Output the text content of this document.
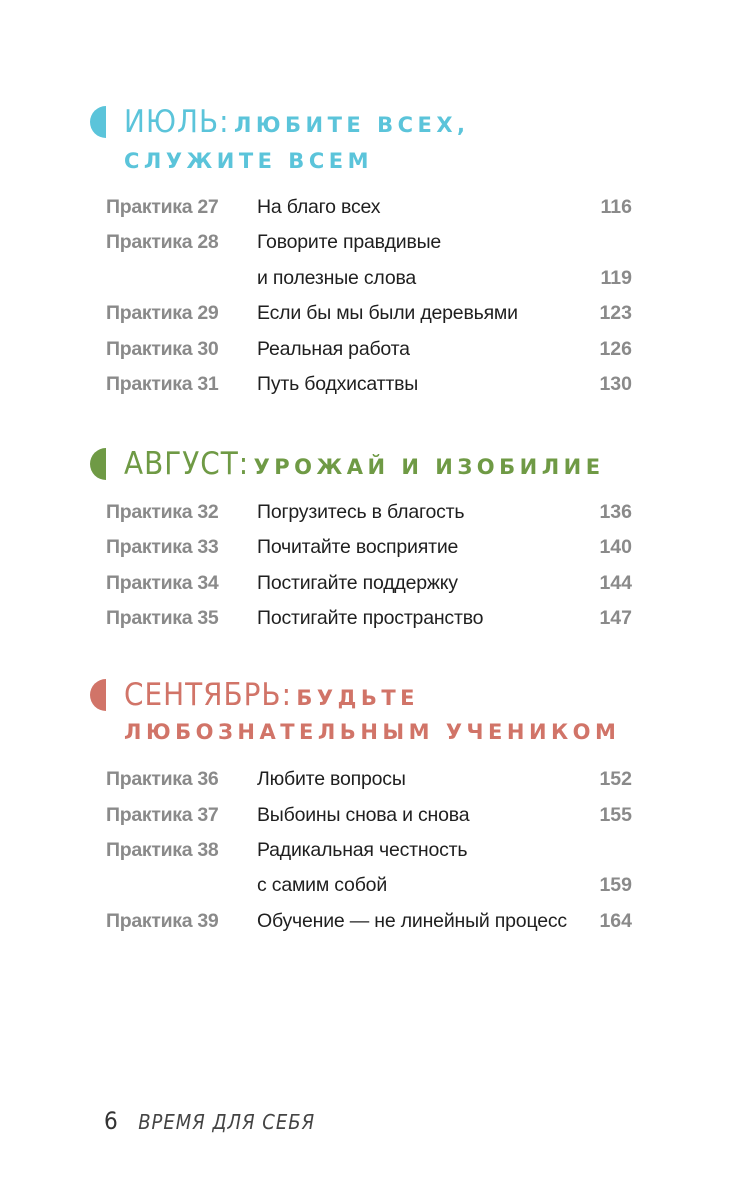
ИЮЛЬ: ЛЮБИТЕ ВСЕХ,
СЛУЖИТЕ ВСЕМ
Практика 27 На благо всех	116
Практика 28 Говорите правдивые
и полезные слова	119
Практика 29 Если бы мы были деревьями	123
Практика 30 Реальная работа	126
Практика 31 Путь бодхисаттвы	130
АВГУСТ: УРОЖАЙ И ИЗОБИЛИЕ
Практика 32 Погрузитесь в благость	136
Практика 33 Почитайте восприятие	140
Практика 34 Постигайте поддержку	144
Практика 35 Постигайте пространство	147
СЕНТЯБРЬ: БУДЬТЕ
ЛЮБОЗНАТЕЛЬНЫМ УЧЕНИКОМ
Практика 36 Любите вопросы	152
Практика 37 Выбоины снова и снова	155
Практика 38 Радикальная честность
с самим собой	159
Практика 39 Обучение — не линейный процесс 164
6 ВРЕМЯ ДЛЯ СЕБЯ
